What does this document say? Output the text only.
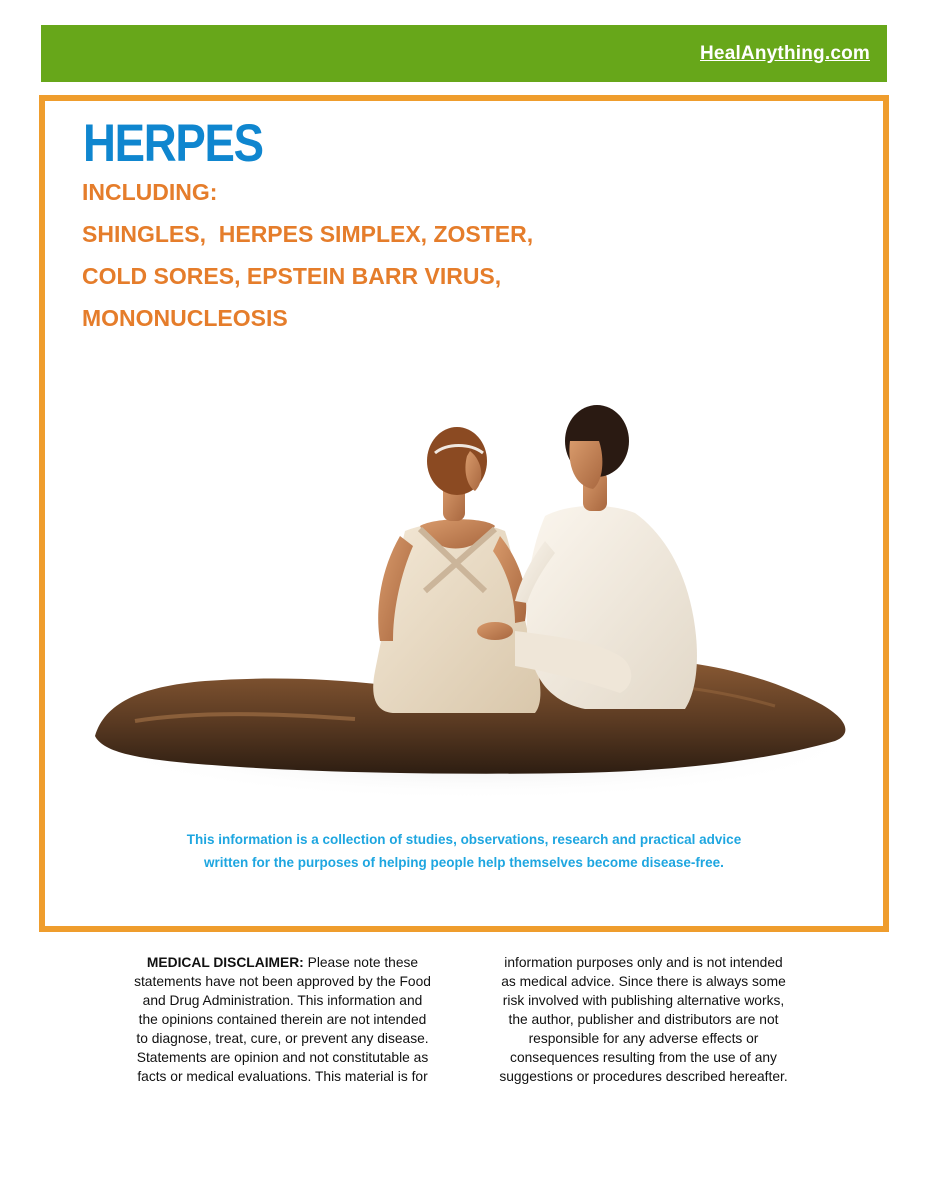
HealAnything.com
HERPES
INCLUDING:
SHINGLES,  HERPES SIMPLEX, ZOSTER,
COLD SORES, EPSTEIN BARR VIRUS,
MONONUCLEOSIS
This information is a collection of studies, observations, research and practical advice
written for the purposes of helping people help themselves become disease-free.
MEDICAL DISCLAIMER: Please note these
statements have not been approved by the Food
and Drug Administration. This information and
the opinions contained therein are not intended
to diagnose, treat, cure, or prevent any disease.
Statements are opinion and not constitutable as
facts or medical evaluations. This material is for
information purposes only and is not intended
as medical advice. Since there is always some
risk involved with publishing alternative works,
the author, publisher and distributors are not
responsible for any adverse effects or
consequences resulting from the use of any
suggestions or procedures described hereafter.
